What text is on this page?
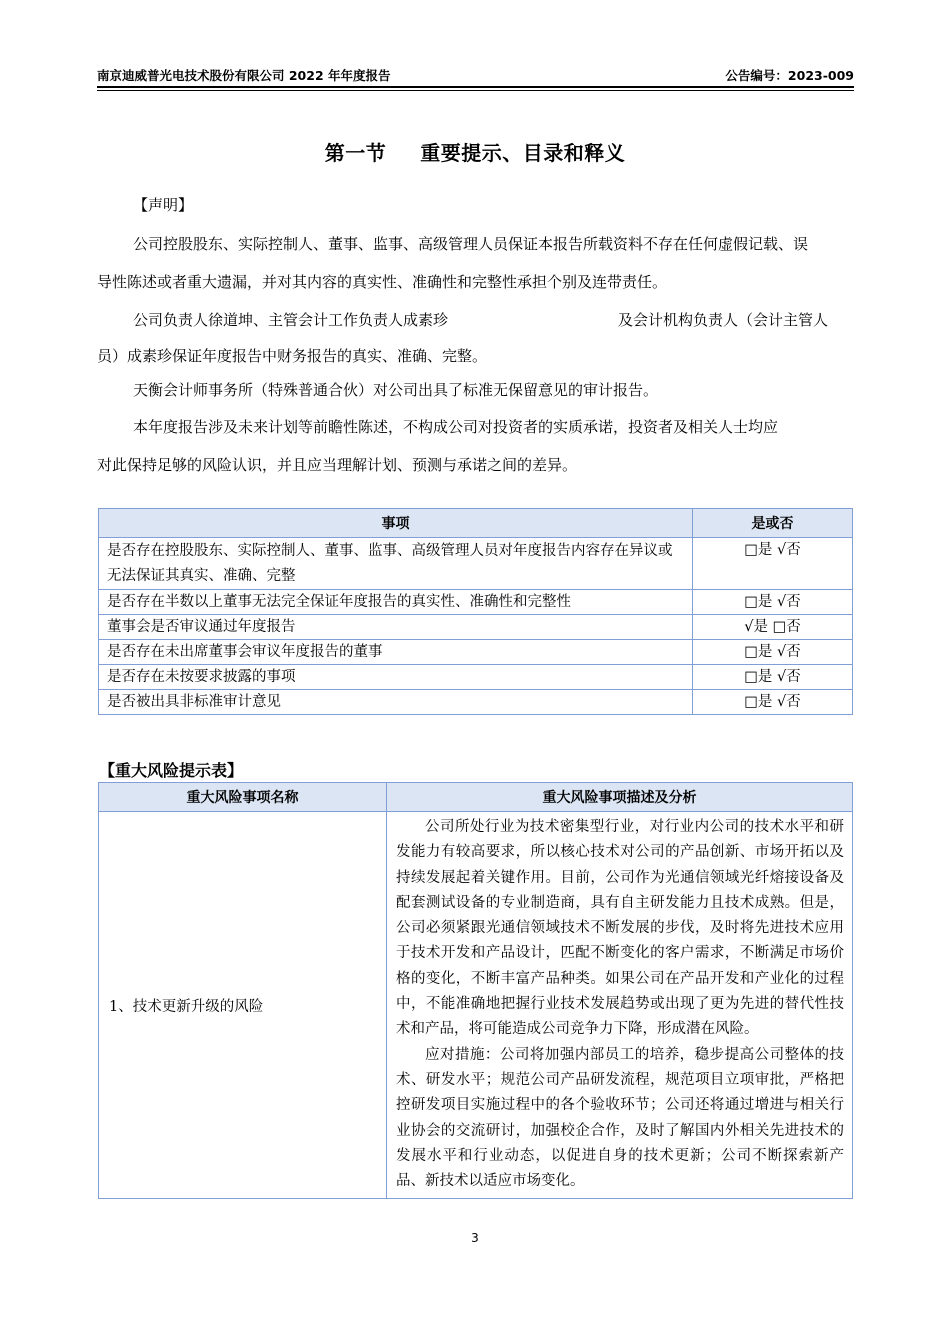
南京迪威普光电技术股份有限公司 2022 年年度报告	公告编号：2023-009
第一节 重要提示、目录和释义
【声明】
公司控股股东、实际控制人、董事、监事、高级管理人员保证本报告所载资料不存在任何虚假记载、误
导性陈述或者重大遗漏，并对其内容的真实性、准确性和完整性承担个别及连带责任。
公司负责人徐道坤、主管会计工作负责人成素珍	及会计机构负责人（会计主管人
员）成素珍保证年度报告中财务报告的真实、准确、完整。
天衡会计师事务所（特殊普通合伙）对公司出具了标准无保留意见的审计报告。
本年度报告涉及未来计划等前瞻性陈述，不构成公司对投资者的实质承诺，投资者及相关人士均应
对此保持足够的风险认识，并且应当理解计划、预测与承诺之间的差异。
事项	是或否
是否存在控股股东、实际控制人、董事、监事、高级管理人员对年度报告内容存在异议或无法保证其真实、准确、完整	□是 √否
是否存在半数以上董事无法完全保证年度报告的真实性、准确性和完整性	□是 √否
董事会是否审议通过年度报告	√是 □否
是否存在未出席董事会审议年度报告的董事	□是 √否
是否存在未按要求披露的事项	□是 √否
是否被出具非标准审计意见	□是 √否
【重大风险提示表】
重大风险事项名称	重大风险事项描述及分析
1、技术更新升级的风险	公司所处行业为技术密集型行业，对行业内公司的技术水平和研发能力有较高要求，所以核心技术对公司的产品创新、市场开拓以及持续发展起着关键作用。目前，公司作为光通信领域光纤熔接设备及配套测试设备的专业制造商，具有自主研发能力且技术成熟。但是，公司必须紧跟光通信领域技术不断发展的步伐，及时将先进技术应用于技术开发和产品设计，匹配不断变化的客户需求，不断满足市场价格的变化，不断丰富产品种类。如果公司在产品开发和产业化的过程中，不能准确地把握行业技术发展趋势或出现了更为先进的替代性技术和产品，将可能造成公司竞争力下降，形成潜在风险。

应对措施：公司将加强内部员工的培养，稳步提高公司整体的技术、研发水平；规范公司产品研发流程，规范项目立项审批，严格把控研发项目实施过程中的各个验收环节；公司还将通过增进与相关行业协会的交流研讨，加强校企合作，及时了解国内外相关先进技术的发展水平和行业动态，以促进自身的技术更新；公司不断探索新产品、新技术以适应市场变化。

3
